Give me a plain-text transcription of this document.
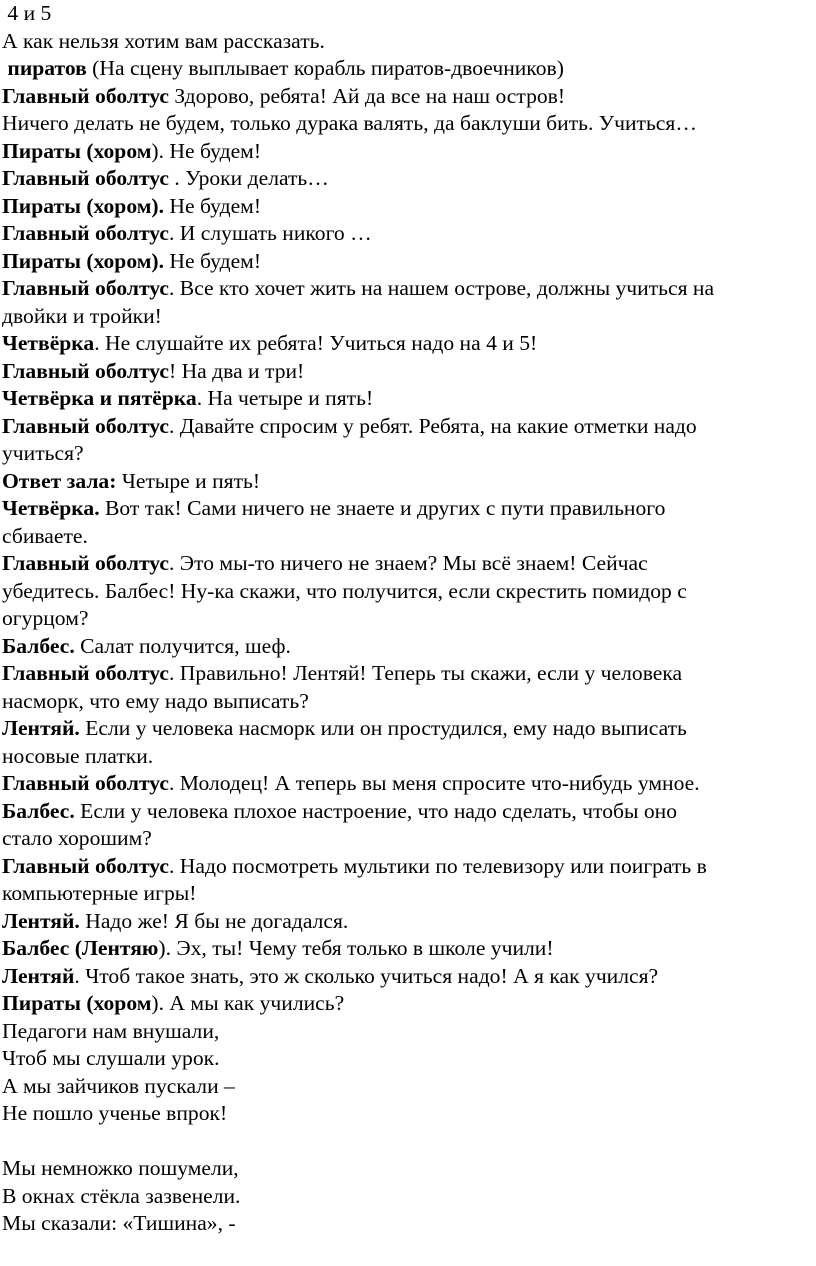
4 и 5
А как нельзя хотим вам рассказать.
пиратов (На сцену выплывает корабль пиратов-двоечников)
Главный оболтус Здорово, ребята! Ай да все на наш остров!
Ничего делать не будем, только дурака валять, да баклуши бить. Учиться…
Пираты (хором). Не будем!
Главный оболтус . Уроки делать…
Пираты (хором). Не будем!
Главный оболтус. И слушать никого …
Пираты (хором). Не будем!
Главный оболтус. Все кто хочет жить на нашем острове, должны учиться на
двойки и тройки!
Четвёрка. Не слушайте их ребята! Учиться надо на 4 и 5!
Главный оболтус! На два и три!
Четвёрка и пятёрка. На четыре и пять!
Главный оболтус. Давайте спросим у ребят. Ребята, на какие отметки надо
учиться?
Ответ зала: Четыре и пять!
Четвёрка. Вот так! Сами ничего не знаете и других с пути правильного
сбиваете.
Главный оболтус. Это мы-то ничего не знаем? Мы всё знаем! Сейчас
убедитесь. Балбес! Ну-ка скажи, что получится, если скрестить помидор с
огурцом?
Балбес. Салат получится, шеф.
Главный оболтус. Правильно! Лентяй! Теперь ты скажи, если у человека
насморк, что ему надо выписать?
Лентяй. Если у человека насморк или он простудился, ему надо выписать
носовые платки.
Главный оболтус. Молодец! А теперь вы меня спросите что-нибудь умное.
Балбес. Если у человека плохое настроение, что надо сделать, чтобы оно
стало хорошим?
Главный оболтус. Надо посмотреть мультики по телевизору или поиграть в
компьютерные игры!
Лентяй. Надо же! Я бы не догадался.
Балбес (Лентяю). Эх, ты! Чему тебя только в школе учили!
Лентяй. Чтоб такое знать, это ж сколько учиться надо! А я как учился?
Пираты (хором). А мы как учились?
Педагоги нам внушали,
Чтоб мы слушали урок.
А мы зайчиков пускали –
Не пошло ученье впрок!
Мы немножко пошумели,
В окнах стёкла зазвенели.
Мы сказали: «Тишина», -
